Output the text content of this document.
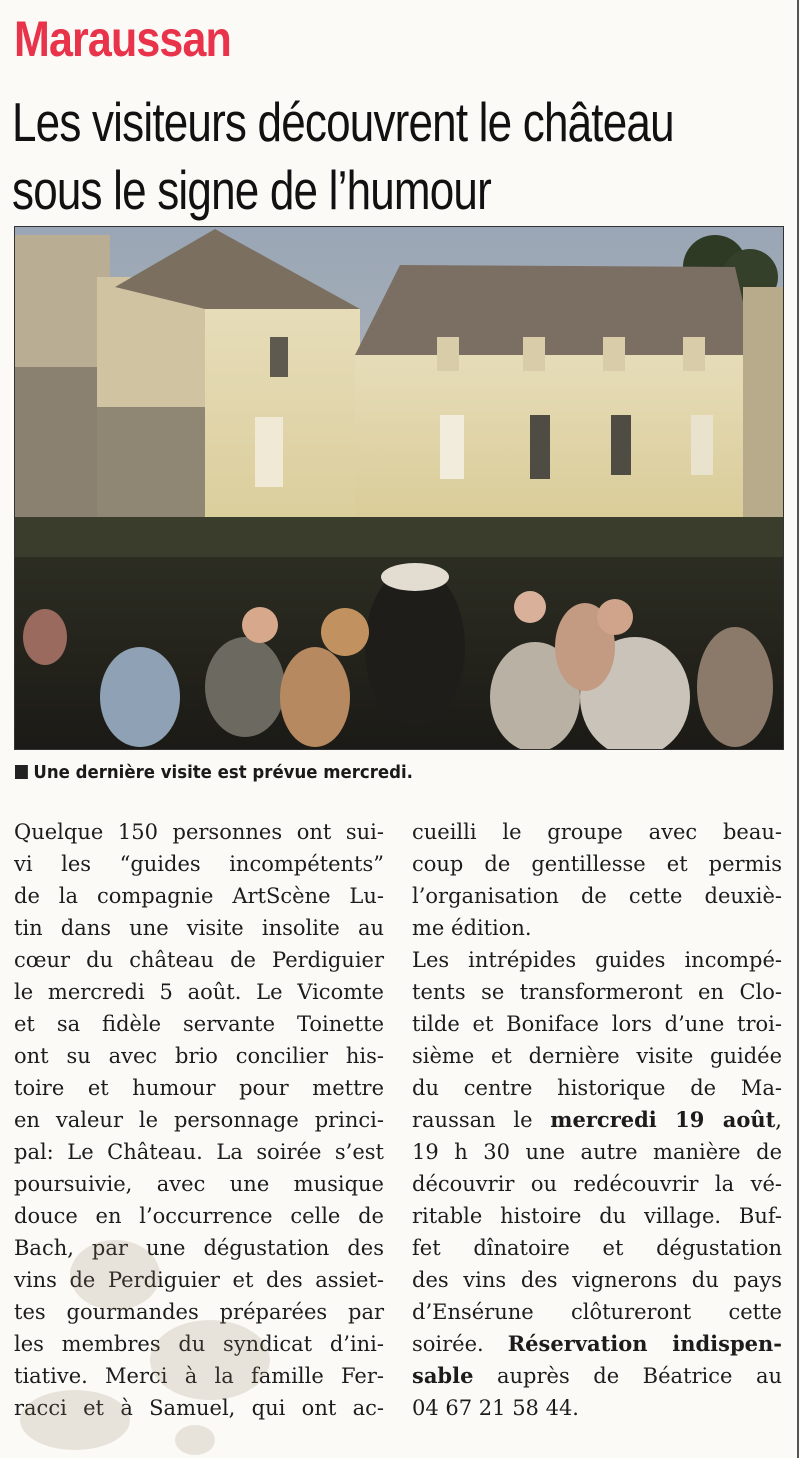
Maraussan
Les visiteurs découvrent le château
sous le signe de l’humour
Une dernière visite est prévue mercredi.
Quelque 150 personnes ont sui-
vi les “guides incompétents”
de la compagnie ArtScène Lu-
tin dans une visite insolite au
cœur du château de Perdiguier
le mercredi 5 août. Le Vicomte
et sa fidèle servante Toinette
ont su avec brio concilier his-
toire et humour pour mettre
en valeur le personnage princi-
pal: Le Château. La soirée s’est
poursuivie, avec une musique
douce en l’occurrence celle de
Bach, par une dégustation des
vins de Perdiguier et des assiet-
tes gourmandes préparées par
les membres du syndicat d’ini-
tiative. Merci à la famille Fer-
racci et à Samuel, qui ont ac-
cueilli le groupe avec beau-
coup de gentillesse et permis
l’organisation de cette deuxiè-
me édition.
Les intrépides guides incompé-
tents se transformeront en Clo-
tilde et Boniface lors d’une troi-
sième et dernière visite guidée
du centre historique de Ma-
raussan le mercredi 19 août,
19 h 30 une autre manière de
découvrir ou redécouvrir la vé-
ritable histoire du village. Buf-
fet dînatoire et dégustation
des vins des vignerons du pays
d’Ensérune clôtureront cette
soirée. Réservation indispen-
sable auprès de Béatrice au
04 67 21 58 44.
